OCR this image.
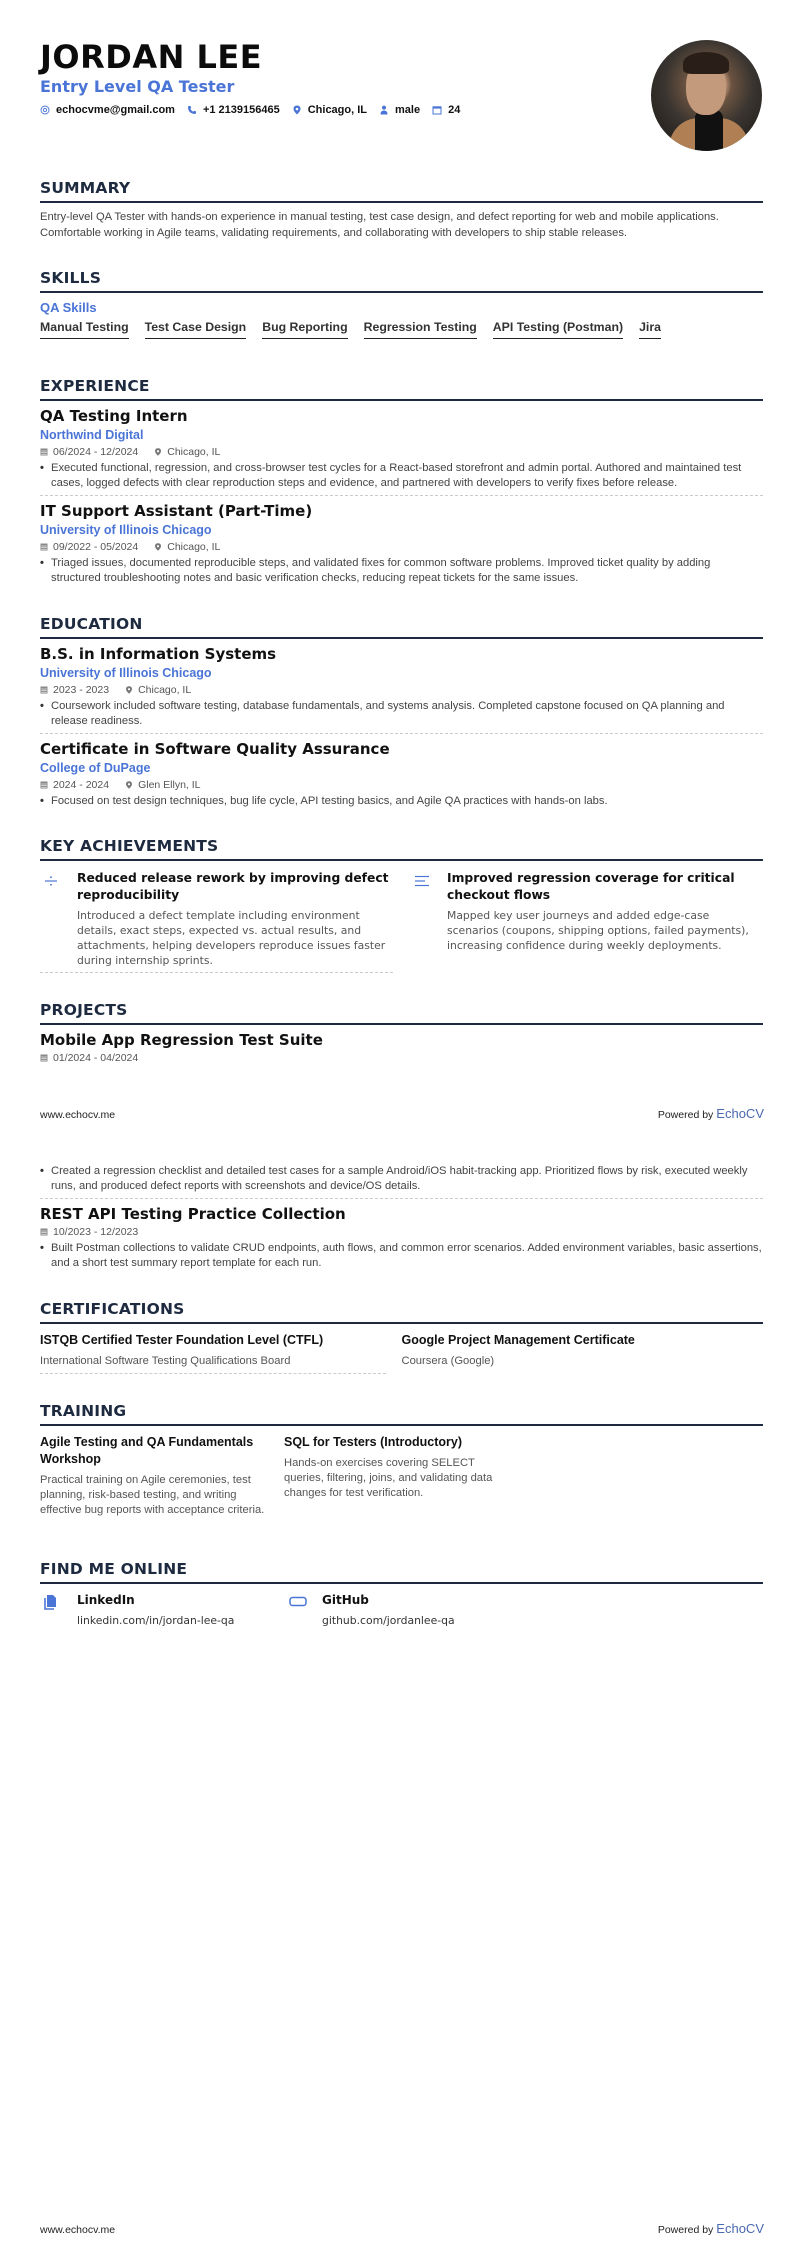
JORDAN LEE
Entry Level QA Tester
echocvme@gmail.com	+1 2139156465	Chicago, IL	male	24
SUMMARY
Entry-level QA Tester with hands-on experience in manual testing, test case design, and defect reporting for web and mobile applications. Comfortable working in Agile teams, validating requirements, and collaborating with developers to ship stable releases.
SKILLS
QA Skills
Manual Testing Test Case Design Bug Reporting Regression Testing API Testing (Postman) Jira
EXPERIENCE
QA Testing Intern
Northwind Digital
06/2024 - 12/2024	Chicago, IL
• Executed functional, regression, and cross-browser test cycles for a React-based storefront and admin portal. Authored and maintained test cases, logged defects with clear reproduction steps and evidence, and partnered with developers to verify fixes before release.
IT Support Assistant (Part-Time)
University of Illinois Chicago
09/2022 - 05/2024	Chicago, IL
• Triaged issues, documented reproducible steps, and validated fixes for common software problems. Improved ticket quality by adding structured troubleshooting notes and basic verification checks, reducing repeat tickets for the same issues.
EDUCATION
B.S. in Information Systems
University of Illinois Chicago
2023 - 2023	Chicago, IL
• Coursework included software testing, database fundamentals, and systems analysis. Completed capstone focused on QA planning and release readiness.
Certificate in Software Quality Assurance
College of DuPage
2024 - 2024	Glen Ellyn, IL
• Focused on test design techniques, bug life cycle, API testing basics, and Agile QA practices with hands-on labs.
KEY ACHIEVEMENTS
Reduced release rework by improving defect reproducibility
Introduced a defect template including environment details, exact steps, expected vs. actual results, and attachments, helping developers reproduce issues faster during internship sprints.
Improved regression coverage for critical checkout flows
Mapped key user journeys and added edge-case scenarios (coupons, shipping options, failed payments), increasing confidence during weekly deployments.
PROJECTS
Mobile App Regression Test Suite
01/2024 - 04/2024
www.echocv.me	Powered by EchoCV
• Created a regression checklist and detailed test cases for a sample Android/iOS habit-tracking app. Prioritized flows by risk, executed weekly runs, and produced defect reports with screenshots and device/OS details.
REST API Testing Practice Collection
10/2023 - 12/2023
• Built Postman collections to validate CRUD endpoints, auth flows, and common error scenarios. Added environment variables, basic assertions, and a short test summary report template for each run.
CERTIFICATIONS
ISTQB Certified Tester Foundation Level (CTFL)
International Software Testing Qualifications Board
Google Project Management Certificate
Coursera (Google)
TRAINING
Agile Testing and QA Fundamentals Workshop
Practical training on Agile ceremonies, test planning, risk-based testing, and writing effective bug reports with acceptance criteria.
SQL for Testers (Introductory)
Hands-on exercises covering SELECT queries, filtering, joins, and validating data changes for test verification.
FIND ME ONLINE
LinkedIn
linkedin.com/in/jordan-lee-qa
GitHub
github.com/jordanlee-qa
www.echocv.me	Powered by EchoCV
